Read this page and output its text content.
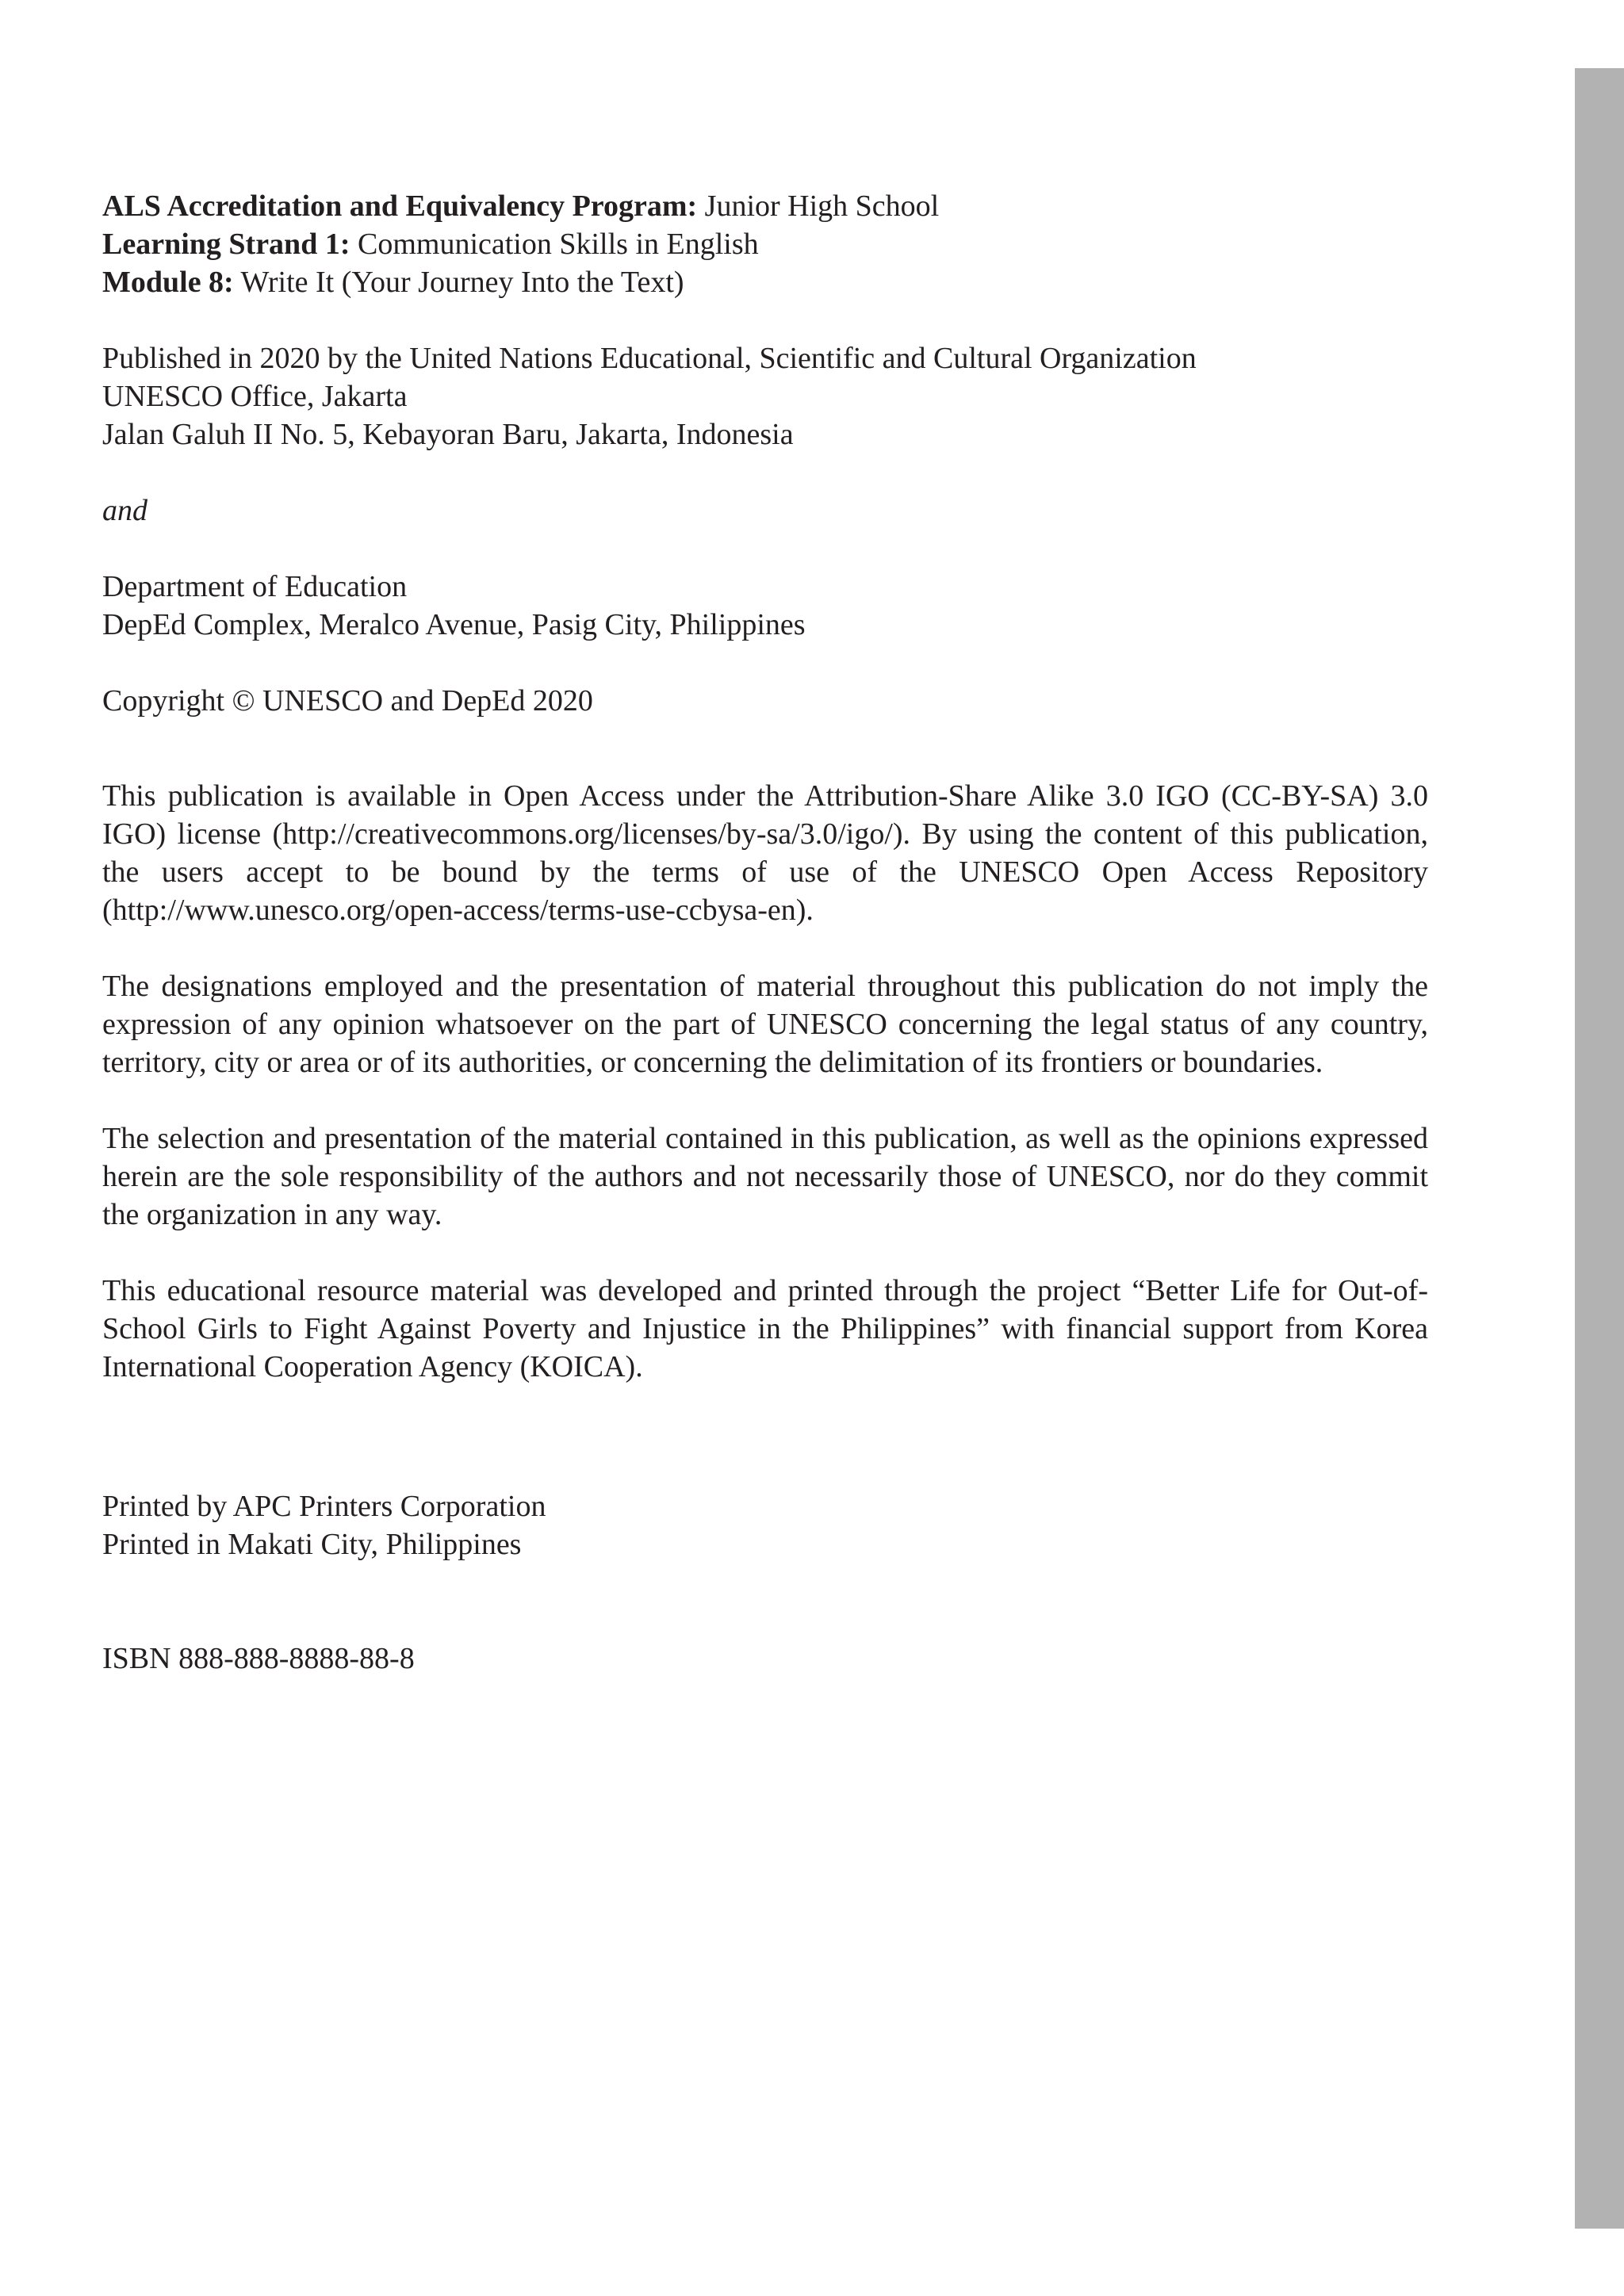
ALS Accreditation and Equivalency Program: Junior High School
Learning Strand 1: Communication Skills in English
Module 8: Write It (Your Journey Into the Text)
Published in 2020 by the United Nations Educational, Scientific and Cultural Organization
UNESCO Office, Jakarta
Jalan Galuh II No. 5, Kebayoran Baru, Jakarta, Indonesia
and
Department of Education
DepEd Complex, Meralco Avenue, Pasig City, Philippines
Copyright © UNESCO and DepEd 2020

This publication is available in Open Access under the Attribution-Share Alike 3.0 IGO (CC-BY-SA) 3.0 IGO) license (http://creativecommons.org/licenses/by-sa/3.0/igo/). By using the content of this publication, the users accept to be bound by the terms of use of the UNESCO Open Access Repository (http://www.unesco.org/open-access/terms-use-ccbysa-en).

The designations employed and the presentation of material throughout this publication do not imply the expression of any opinion whatsoever on the part of UNESCO concerning the legal status of any country, territory, city or area or of its authorities, or concerning the delimitation of its frontiers or boundaries.

The selection and presentation of the material contained in this publication, as well as the opinions expressed herein are the sole responsibility of the authors and not necessarily those of UNESCO, nor do they commit the organization in any way.

This educational resource material was developed and printed through the project “Better Life for Out-of-School Girls to Fight Against Poverty and Injustice in the Philippines” with financial support from Korea International Cooperation Agency (KOICA).

Printed by APC Printers Corporation
Printed in Makati City, Philippines
ISBN 888-888-8888-88-8
